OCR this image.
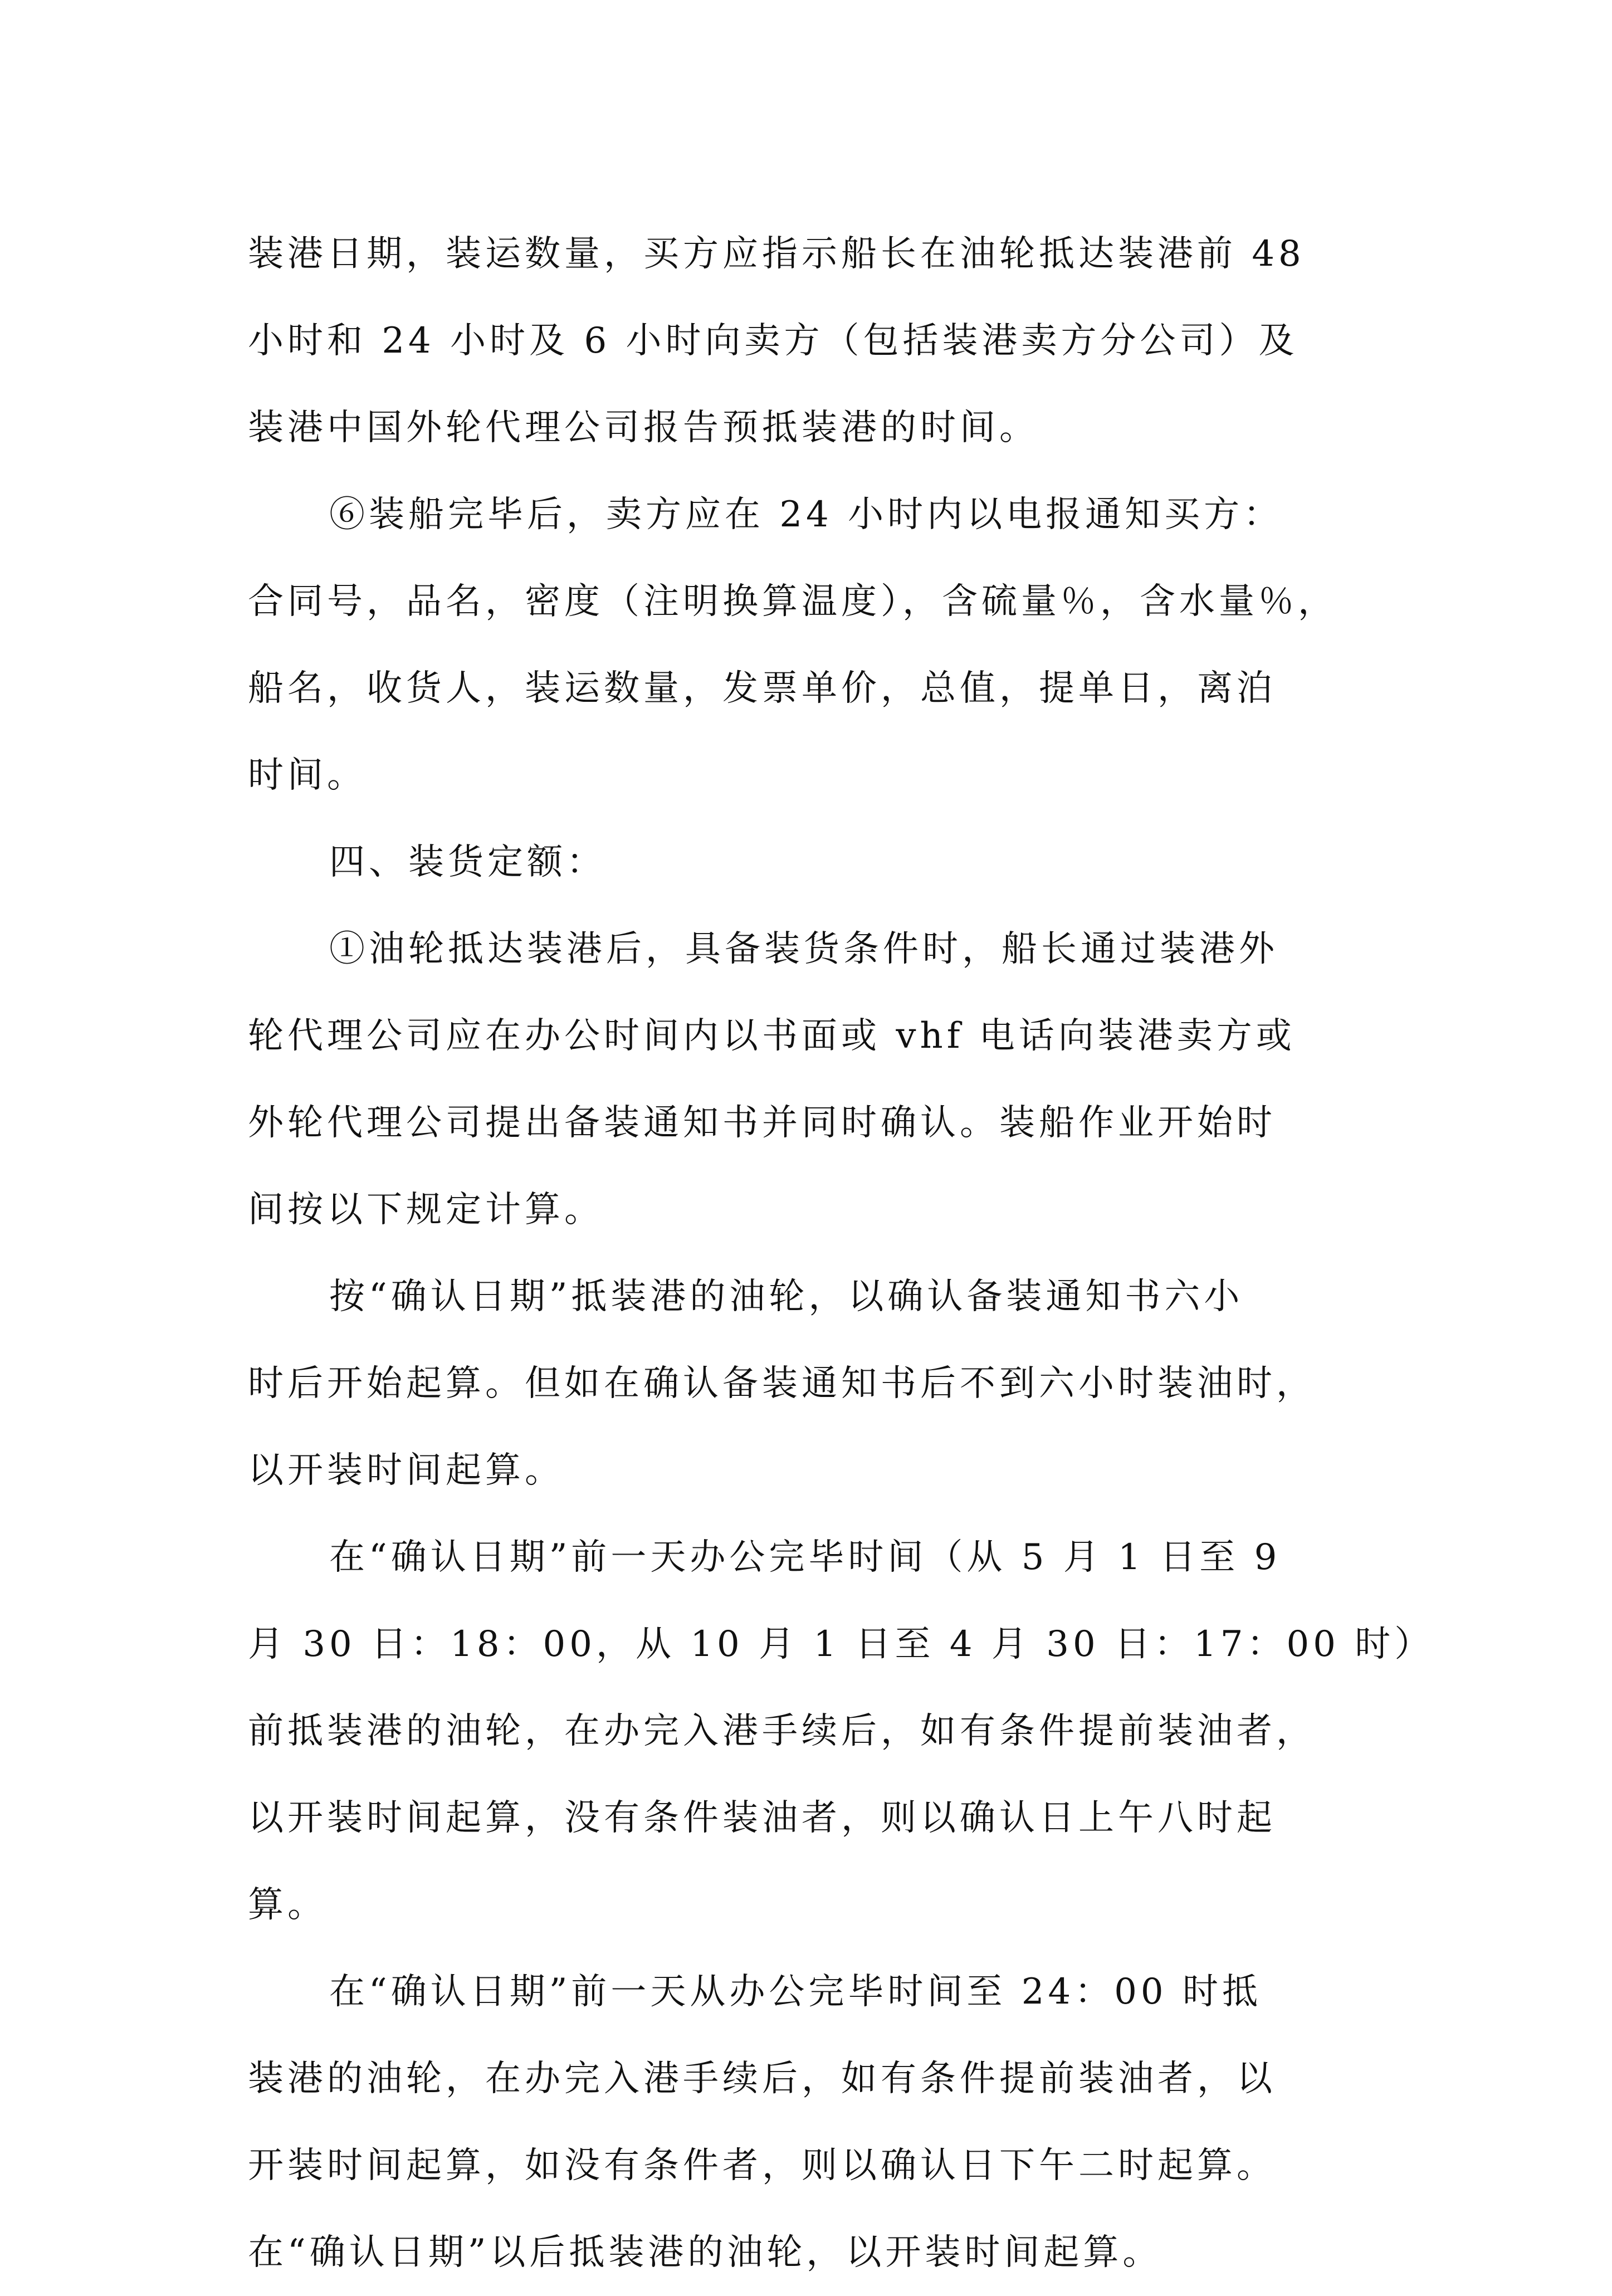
装港日期，装运数量，买方应指示船长在油轮抵达装港前 48
小时和 24 小时及 6 小时向卖方（包括装港卖方分公司）及
装港中国外轮代理公司报告预抵装港的时间。
⑥装船完毕后，卖方应在 24 小时内以电报通知买方：
合同号，品名，密度（注明换算温度），含硫量％，含水量％，
船名，收货人，装运数量，发票单价，总值，提单日，离泊
时间。
四、装货定额：
①油轮抵达装港后，具备装货条件时，船长通过装港外
轮代理公司应在办公时间内以书面或 vhf 电话向装港卖方或
外轮代理公司提出备装通知书并同时确认。装船作业开始时
间按以下规定计算。
按“确认日期”抵装港的油轮，以确认备装通知书六小
时后开始起算。但如在确认备装通知书后不到六小时装油时，
以开装时间起算。
在“确认日期”前一天办公完毕时间（从 5 月 1 日至 9
月 30 日：18：00，从 10 月 1 日至 4 月 30 日：17：00 时）
前抵装港的油轮，在办完入港手续后，如有条件提前装油者，
以开装时间起算，没有条件装油者，则以确认日上午八时起
算。
在“确认日期”前一天从办公完毕时间至 24：00 时抵
装港的油轮，在办完入港手续后，如有条件提前装油者，以
开装时间起算，如没有条件者，则以确认日下午二时起算。
在“确认日期”以后抵装港的油轮，以开装时间起算。
